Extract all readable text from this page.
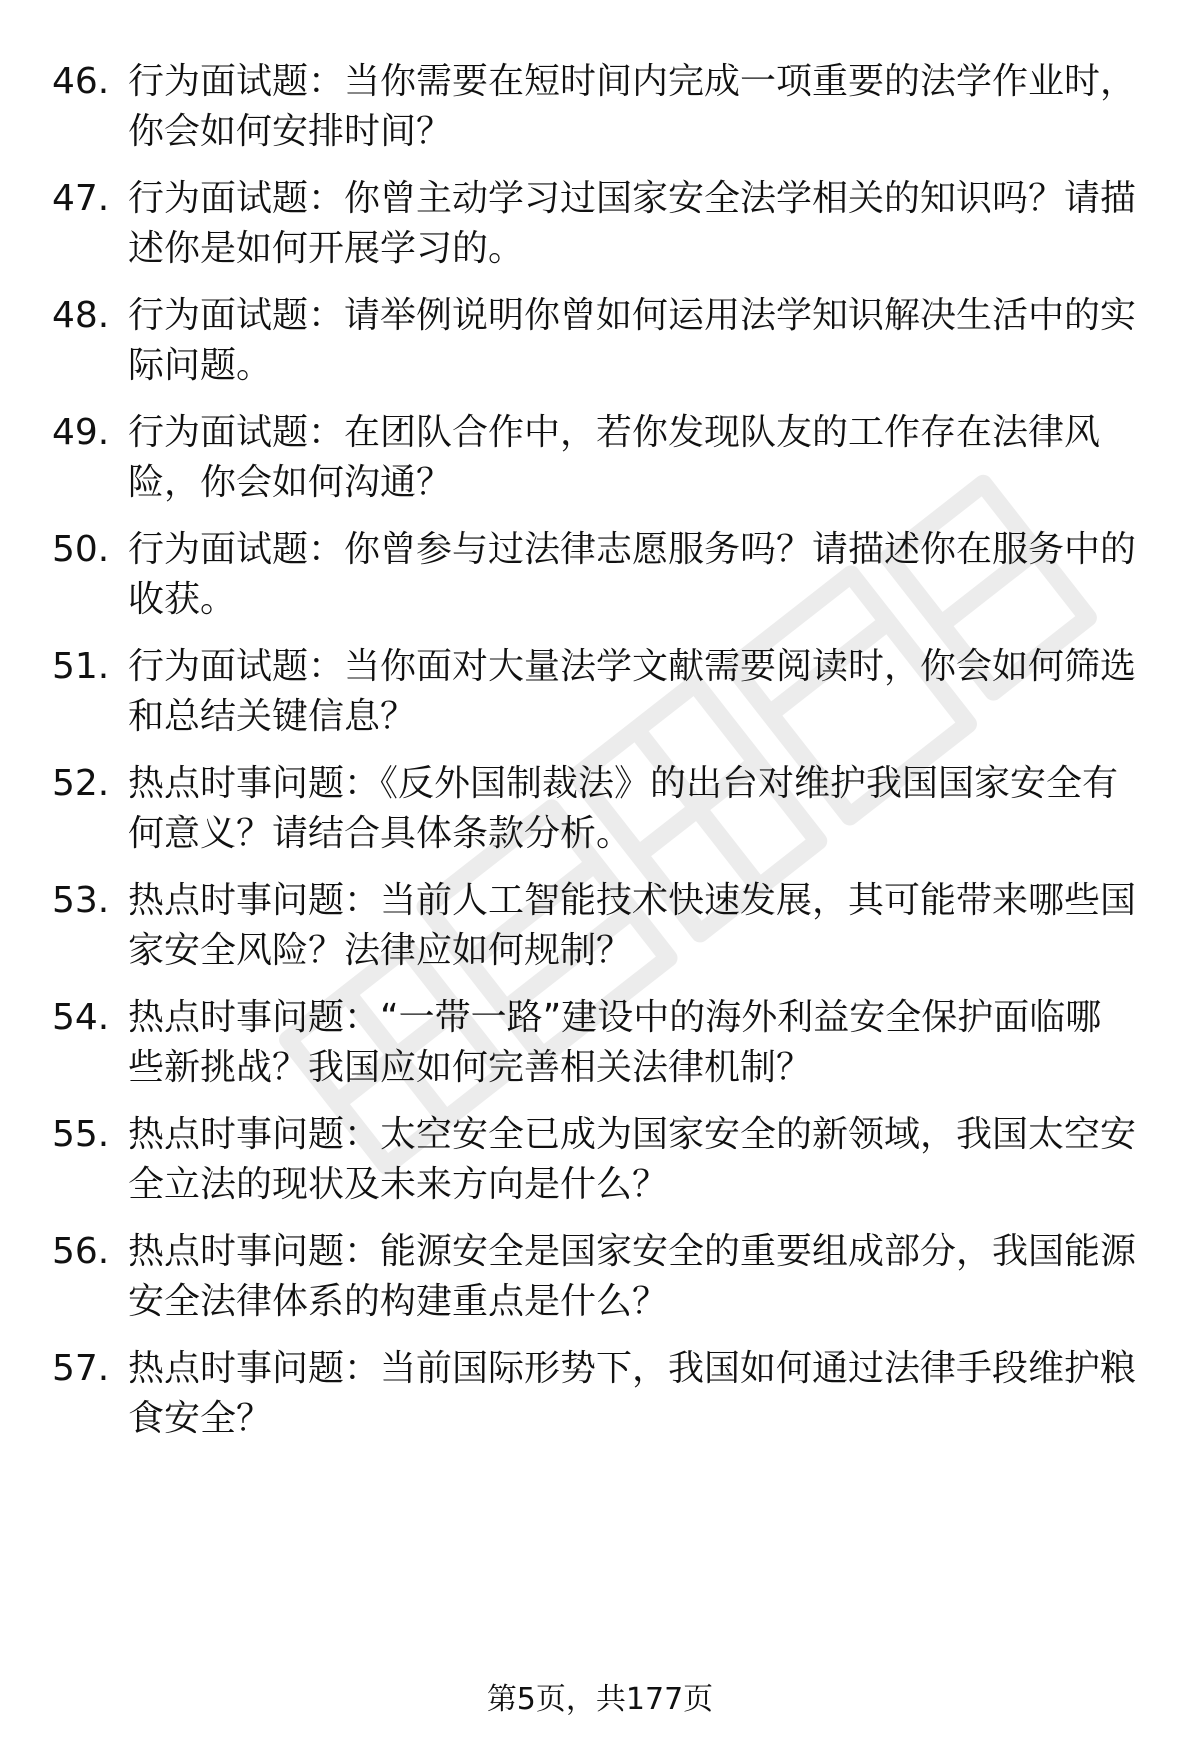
46. 行为面试题：当你需要在短时间内完成一项重要的法学作业时，
你会如何安排时间？
47. 行为面试题：你曾主动学习过国家安全法学相关的知识吗？请描
述你是如何开展学习的。
48. 行为面试题：请举例说明你曾如何运用法学知识解决生活中的实
际问题。
49. 行为面试题：在团队合作中，若你发现队友的工作存在法律风
险，你会如何沟通？
50. 行为面试题：你曾参与过法律志愿服务吗？请描述你在服务中的
收获。
51. 行为面试题：当你面对大量法学文献需要阅读时，你会如何筛选
和总结关键信息？
52. 热点时事问题：《反外国制裁法》的出台对维护我国国家安全有
何意义？请结合具体条款分析。
53. 热点时事问题：当前人工智能技术快速发展，其可能带来哪些国
家安全风险？法律应如何规制？
54. 热点时事问题：“一带一路”建设中的海外利益安全保护面临哪
些新挑战？我国应如何完善相关法律机制？
55. 热点时事问题：太空安全已成为国家安全的新领域，我国太空安
全立法的现状及未来方向是什么？
56. 热点时事问题：能源安全是国家安全的重要组成部分，我国能源
安全法律体系的构建重点是什么？
57. 热点时事问题：当前国际形势下，我国如何通过法律手段维护粮
食安全？
第5页，共177页
